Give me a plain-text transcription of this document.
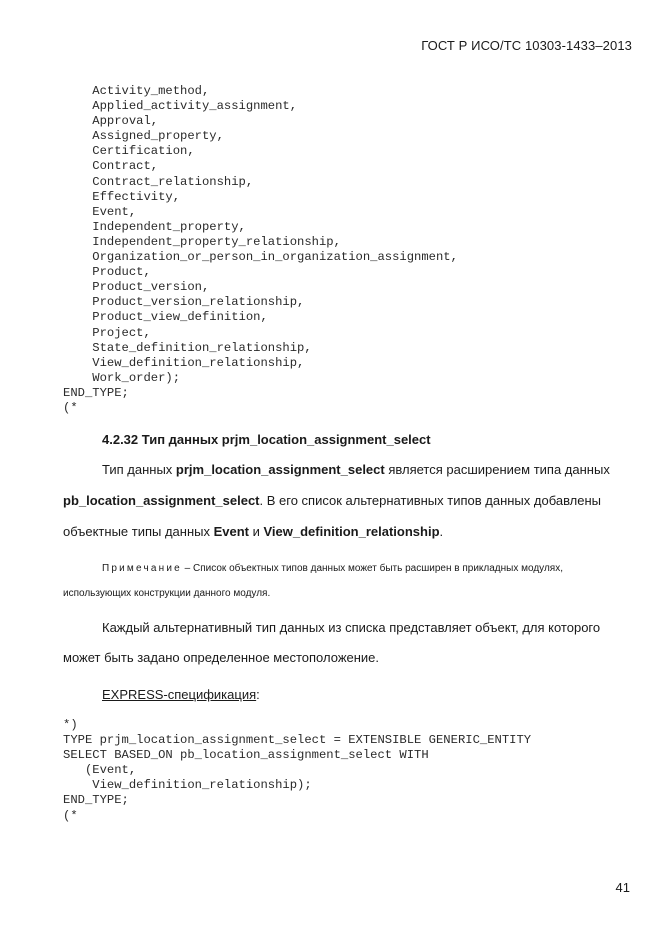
ГОСТ Р ИСО/ТС 10303-1433–2013
Activity_method,
Applied_activity_assignment,
Approval,
Assigned_property,
Certification,
Contract,
Contract_relationship,
Effectivity,
Event,
Independent_property,
Independent_property_relationship,
Organization_or_person_in_organization_assignment,
Product,
Product_version,
Product_version_relationship,
Product_view_definition,
Project,
State_definition_relationship,
View_definition_relationship,
Work_order);
END_TYPE;
(*
4.2.32 Тип данных prjm_location_assignment_select
Тип данных prjm_location_assignment_select является расширением типа данных
pb_location_assignment_select. В его список альтернативных типов данных добавлены
объектные типы данных Event и View_definition_relationship.
Примечание – Список объектных типов данных может быть расширен в прикладных модулях,
использующих конструкции данного модуля.
Каждый альтернативный тип данных из списка представляет объект, для которого
может быть задано определенное местоположение.
EXPRESS-спецификация:
*)
TYPE prjm_location_assignment_select = EXTENSIBLE GENERIC_ENTITY
SELECT BASED_ON pb_location_assignment_select WITH
(Event,
View_definition_relationship);
END_TYPE;
(*
41
